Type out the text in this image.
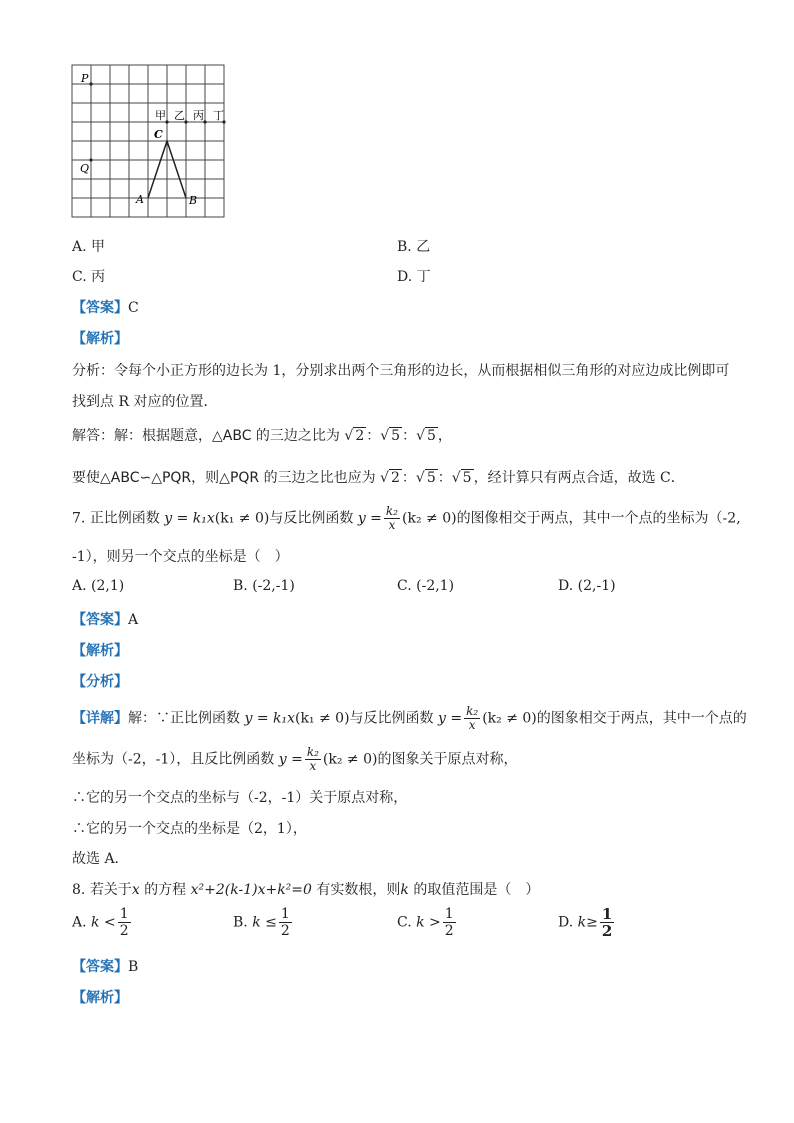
P
Q
A	B
C
甲 乙 丙 丁
A. 甲	B. 乙
C. 丙	D. 丁
【答案】C
【解析】
分析：令每个小正方形的边长为 1，分别求出两个三角形的边长，从而根据相似三角形的对应边成比例即可
找到点 R 对应的位置．
解答：解：根据题意，△ABC 的三边之比为 √ 2 ：√ 5 ：√ 5 ，
要使△ABC∽△PQR，则△PQR 的三边之比也应为 √ 2 ：√ 5 ：√ 5 ，经计算只有两点合适，故选 C．
7. 正比例函数 y = k₁x(k₁ ≠ 0)与反比例函数 $y = \frac{\text{k₂}}{x} (k_2 \ne 0)$的图像相交于两点，其中一个点的坐标为（-2,
-1），则另一个交点的坐标是（　）
A. (2,1)	B. (-2,-1)	C. (-2,1)	D. (2,-1)
【答案】A
【解析】
【分析】
【详解】解：∵正比例函数 y = k₁x(k₁ ≠ 0)与反比例函数 $y = \frac{\text{k₂}}{x} (k_2 \ne 0)$的图象相交于两点，其中一个点的
坐标为（-2，-1），且反比例函数 $y = \frac{\text{k₂}}{x} (k_2 \ne 0)$的图象关于原点对称，
∴它的另一个交点的坐标与（-2，-1）关于原点对称，
∴它的另一个交点的坐标是（2，1），
故选 A．
8. 若关于x 的方程 x²+2(k-1)x+k²=0 有实数根，则k 的取值范围是（　）
A. $k < \frac{1}{2}$	B. $k \le \frac{1}{2}$	C. $k > \frac{1}{2}$	D. $k\ge \frac{1}{2}$
【答案】B
【解析】
